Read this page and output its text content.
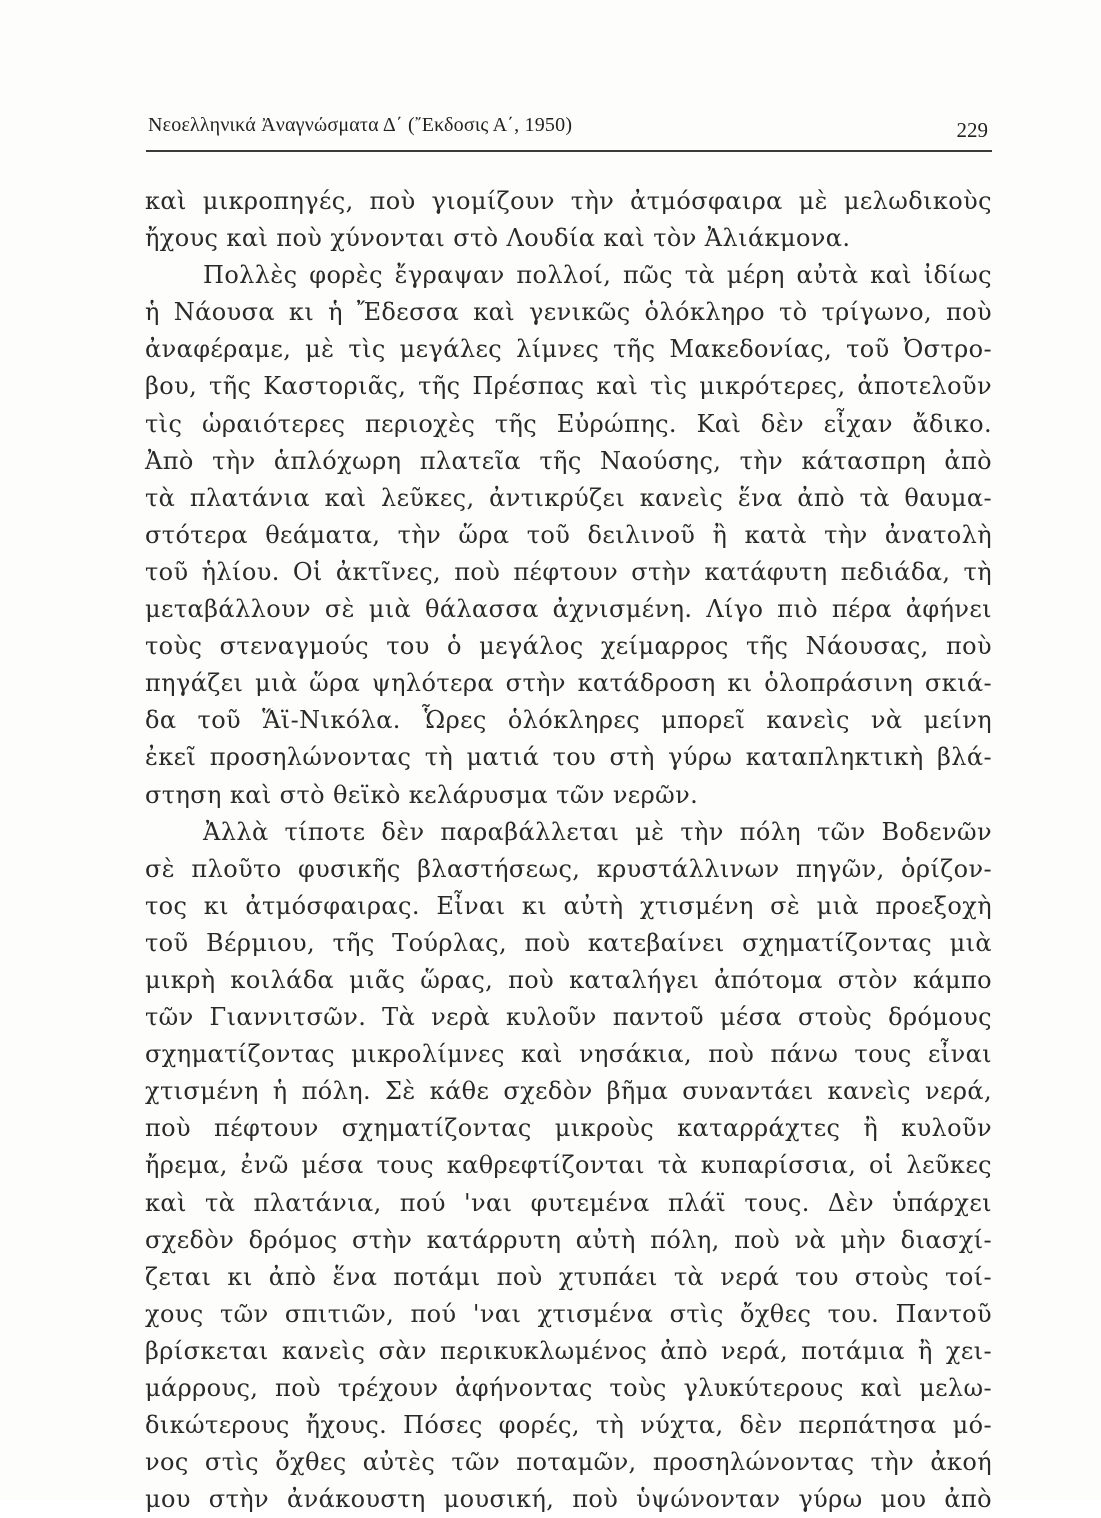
Νεοελληνικά Ἀναγνώσματα Δ΄ (῎Εκδοσις Α΄, 1950)	229
καὶ μικροπηγές, ποὺ γιομίζουν τὴν ἀτμόσφαιρα μὲ μελωδικοὺς
ἤχους καὶ ποὺ χύνονται στὸ Λουδία καὶ τὸν Ἀλιάκμονα.
Πολλὲς φορὲς ἔγραψαν πολλοί, πῶς τὰ μέρη αὐτὰ καὶ ἰδίως
ἡ Νάουσα κι ἡ Ἔδεσσα καὶ γενικῶς ὁλόκληρο τὸ τρίγωνο, ποὺ
ἀναφέραμε, μὲ τὶς μεγάλες λίμνες τῆς Μακεδονίας, τοῦ Ὀστρο-
βου, τῆς Καστοριᾶς, τῆς Πρέσπας καὶ τὶς μικρότερες, ἀποτελοῦν
τὶς ὡραιότερες περιοχὲς τῆς Εὐρώπης. Καὶ δὲν εἶχαν ἄδικο.
Ἀπὸ τὴν ἁπλόχωρη πλατεῖα τῆς Ναούσης, τὴν κάτασπρη ἀπὸ
τὰ πλατάνια καὶ λεῦκες, ἀντικρύζει κανεὶς ἕνα ἀπὸ τὰ θαυμα-
στότερα θεάματα, τὴν ὥρα τοῦ δειλινοῦ ἢ κατὰ τὴν ἀνατολὴ
τοῦ ἡλίου. Οἱ ἀκτῖνες, ποὺ πέφτουν στὴν κατάφυτη πεδιάδα, τὴ
μεταβάλλουν σὲ μιὰ θάλασσα ἀχνισμένη. Λίγο πιὸ πέρα ἀφήνει
τοὺς στεναγμούς του ὁ μεγάλος χείμαρρος τῆς Νάουσας, ποὺ
πηγάζει μιὰ ὥρα ψηλότερα στὴν κατάδροση κι ὁλοπράσινη σκιά-
δα τοῦ Ἅϊ-Νικόλα. Ὧρες ὁλόκληρες μπορεῖ κανεὶς νὰ μείνη
ἐκεῖ προσηλώνοντας τὴ ματιά του στὴ γύρω καταπληκτικὴ βλά-
στηση καὶ στὸ θεϊκὸ κελάρυσμα τῶν νερῶν.
Ἀλλὰ τίποτε δὲν παραβάλλεται μὲ τὴν πόλη τῶν Βοδενῶν
σὲ πλοῦτο φυσικῆς βλαστήσεως, κρυστάλλινων πηγῶν, ὁρίζον-
τος κι ἀτμόσφαιρας. Εἶναι κι αὐτὴ χτισμένη σὲ μιὰ προεξοχὴ
τοῦ Βέρμιου, τῆς Τούρλας, ποὺ κατεβαίνει σχηματίζοντας μιὰ
μικρὴ κοιλάδα μιᾶς ὥρας, ποὺ καταλήγει ἀπότομα στὸν κάμπο
τῶν Γιαννιτσῶν. Τὰ νερὰ κυλοῦν παντοῦ μέσα στοὺς δρόμους
σχηματίζοντας μικρολίμνες καὶ νησάκια, ποὺ πάνω τους εἶναι
χτισμένη ἡ πόλη. Σὲ κάθε σχεδὸν βῆμα συναντάει κανεὶς νερά,
ποὺ πέφτουν σχηματίζοντας μικροὺς καταρράχτες ἢ κυλοῦν
ἤρεμα, ἐνῶ μέσα τους καθρεφτίζονται τὰ κυπαρίσσια, οἱ λεῦκες
καὶ τὰ πλατάνια, πού 'ναι φυτεμένα πλάϊ τους. Δὲν ὑπάρχει
σχεδὸν δρόμος στὴν κατάρρυτη αὐτὴ πόλη, ποὺ νὰ μὴν διασχί-
ζεται κι ἀπὸ ἕνα ποτάμι ποὺ χτυπάει τὰ νερά του στοὺς τοί-
χους τῶν σπιτιῶν, πού 'ναι χτισμένα στὶς ὄχθες του. Παντοῦ
βρίσκεται κανεὶς σὰν περικυκλωμένος ἀπὸ νερά, ποτάμια ἢ χει-
μάρρους, ποὺ τρέχουν ἀφήνοντας τοὺς γλυκύτερους καὶ μελω-
δικώτερους ἤχους. Πόσες φορές, τὴ νύχτα, δὲν περπάτησα μό-
νος στὶς ὄχθες αὐτὲς τῶν ποταμῶν, προσηλώνοντας τὴν ἀκοή
μου στὴν ἀνάκουστη μουσική, ποὺ ὑψώνονταν γύρω μου ἀπὸ
